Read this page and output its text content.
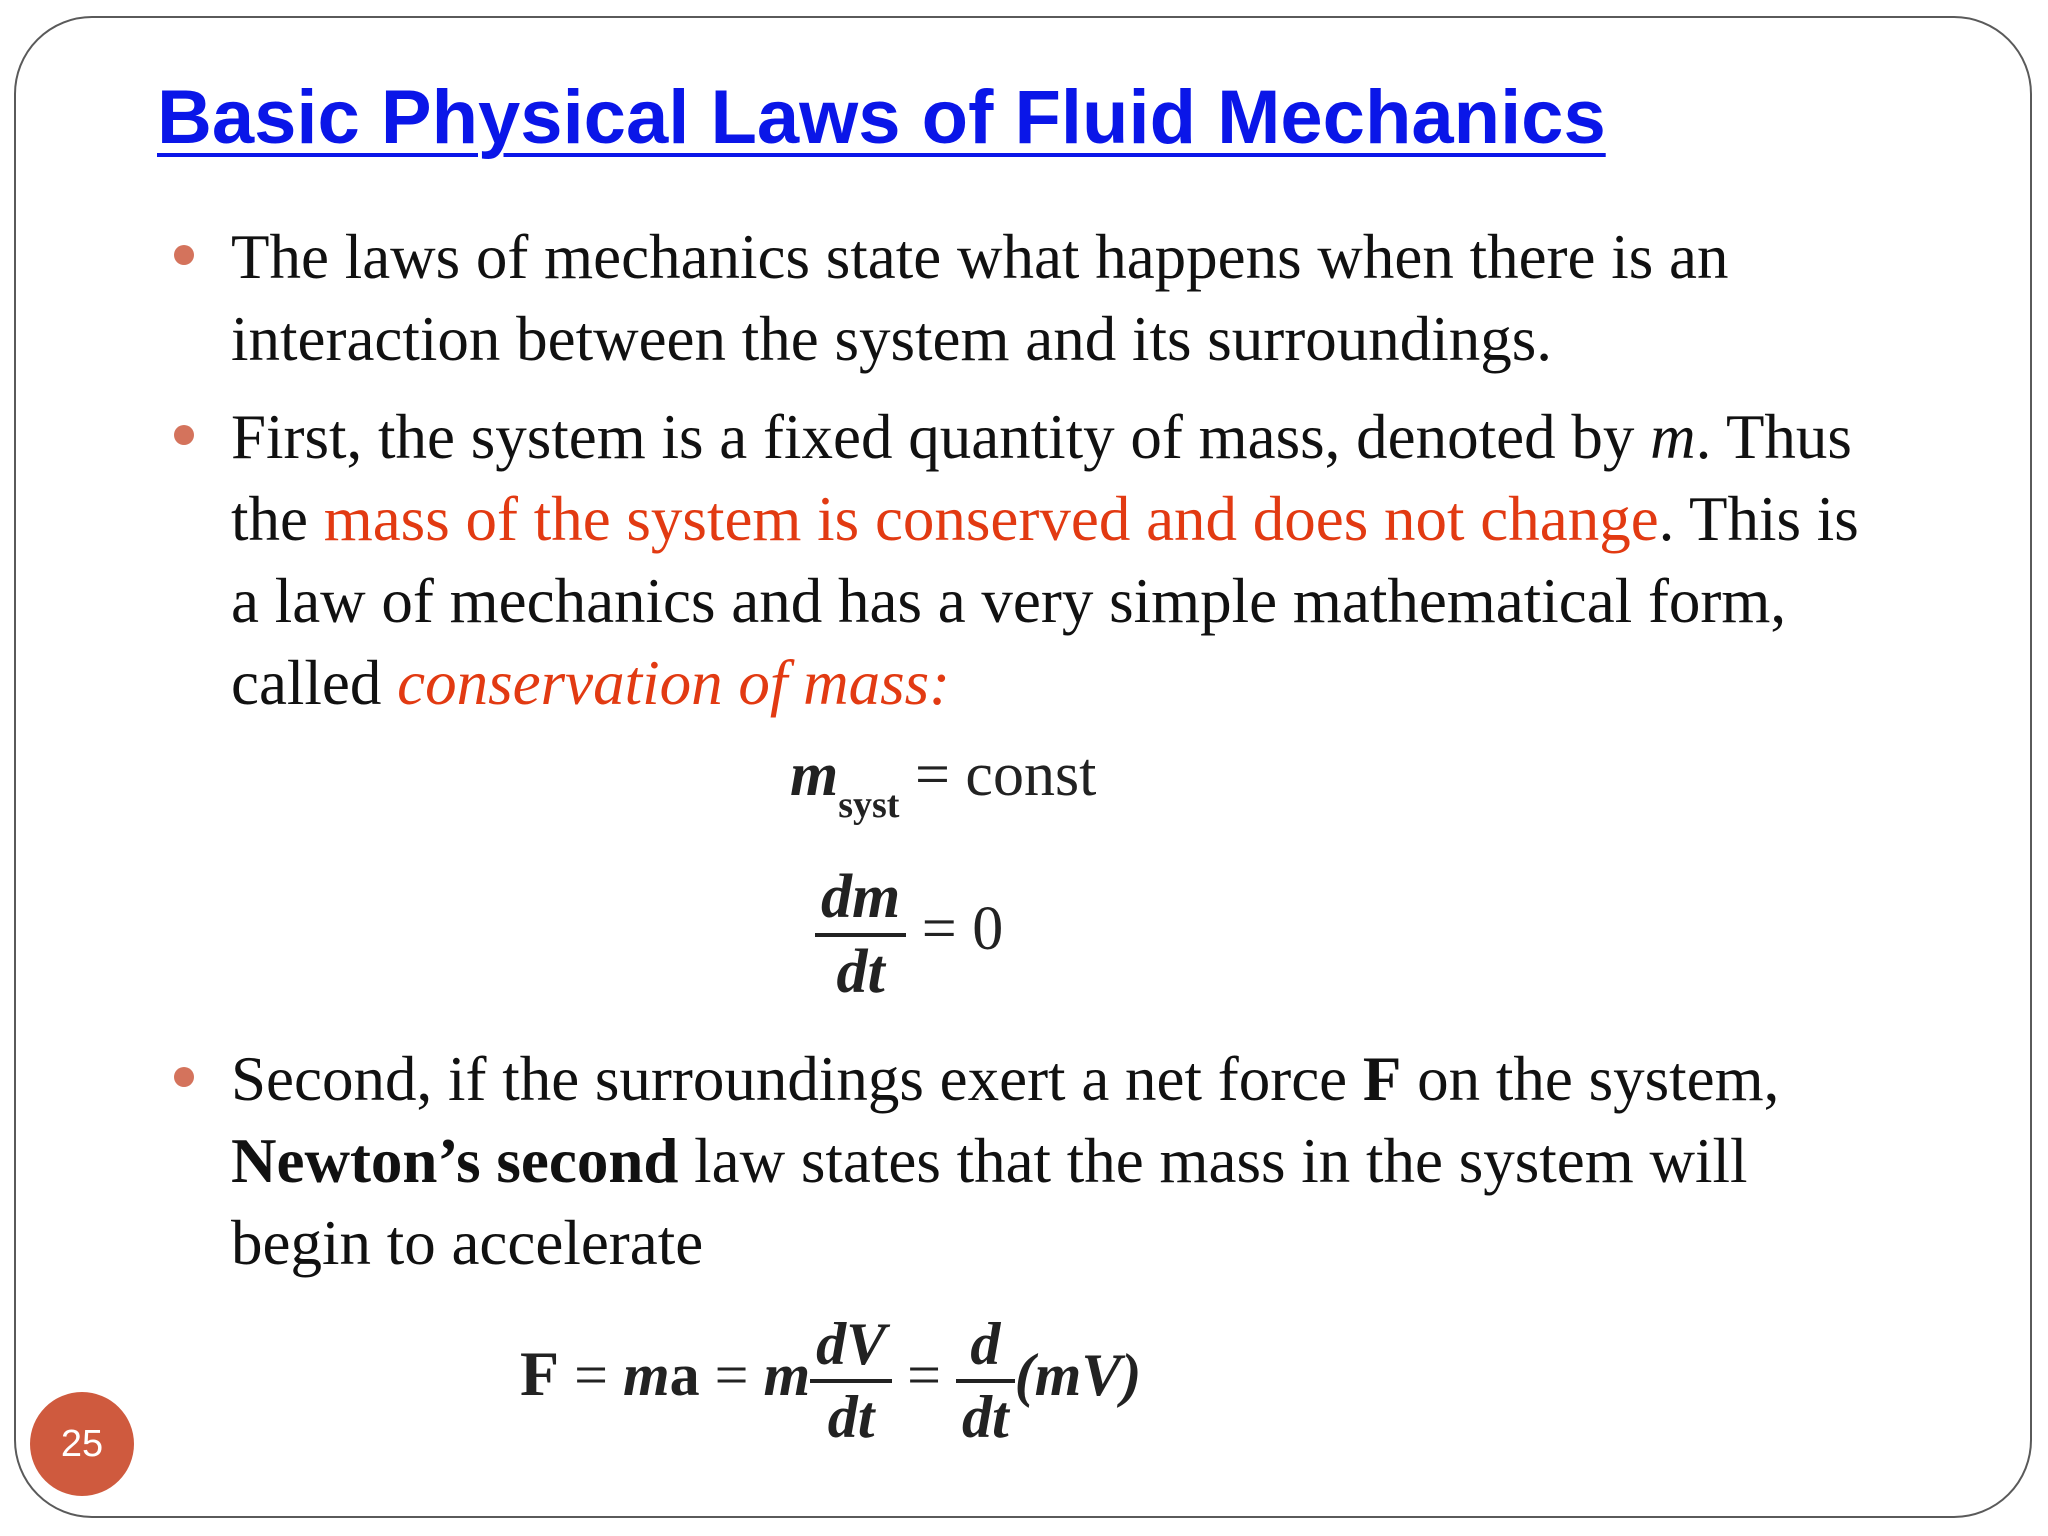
Basic Physical Laws of Fluid Mechanics
The laws of mechanics state what happens when there is an interaction between the system and its surroundings.
First, the system is a fixed quantity of mass, denoted by m. Thus the mass of the system is conserved and does not change. This is a law of mechanics and has a very simple mathematical form, called conservation of mass:
Second, if the surroundings exert a net force F on the system, Newton’s second law states that the mass in the system will begin to accelerate
$m_{syst}$ = const
$\frac{dm}{dt} = 0$
F = ma = m $\frac{dV}{dt} = \frac{d}{dt} (mV)$
25
